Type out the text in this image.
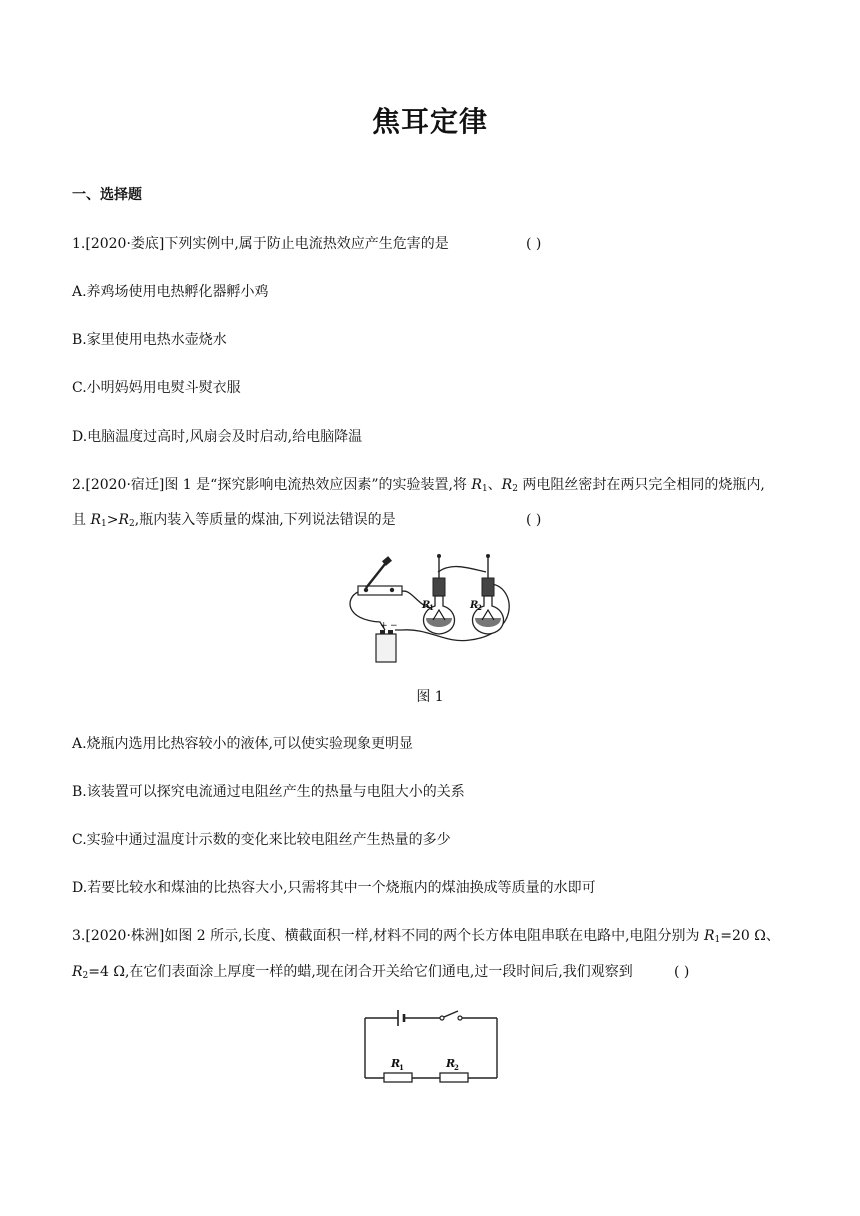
焦耳定律
一、选择题
1.[2020·娄底]下列实例中,属于防止电流热效应产生危害的是	( )
A.养鸡场使用电热孵化器孵小鸡
B.家里使用电热水壶烧水
C.小明妈妈用电熨斗熨衣服
D.电脑温度过高时,风扇会及时启动,给电脑降温
2.[2020·宿迁]图 1 是“探究影响电流热效应因素”的实验装置,将 $R_1$、$R_2$ 两电阻丝密封在两只完全相同的烧瓶内,
且 $R_1>R_2$,瓶内装入等质量的煤油,下列说法错误的是	( )
+ −
R
1	R
2
图 1
A.烧瓶内选用比热容较小的液体,可以使实验现象更明显
B.该装置可以探究电流通过电阻丝产生的热量与电阻大小的关系
C.实验中通过温度计示数的变化来比较电阻丝产生热量的多少
D.若要比较水和煤油的比热容大小,只需将其中一个烧瓶内的煤油换成等质量的水即可
3.[2020·株洲]如图 2 所示,长度、横截面积一样,材料不同的两个长方体电阻串联在电路中,电阻分别为 $R_1=20$ Ω、
$R_2=4$ Ω,在它们表面涂上厚度一样的蜡,现在闭合开关给它们通电,过一段时间后,我们观察到	( )
R
1	R
2
